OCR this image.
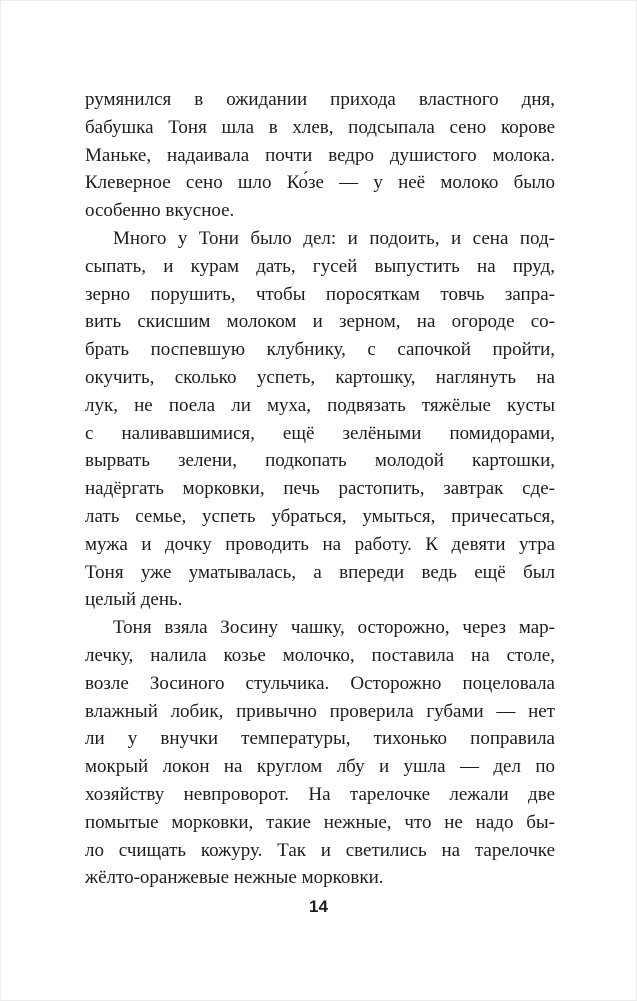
румянился в ожидании прихода властного дня,
бабушка Тоня шла в хлев, подсыпала сено корове
Маньке, надаивала почти ведро душистого молока.
Клеверное сено шло Ко́зе — у неё молоко было
особенно вкусное.

Много у Тони было дел: и подоить, и сена под-
сыпать, и курам дать, гусей выпустить на пруд,
зерно порушить, чтобы поросяткам товчь запра-
вить скисшим молоком и зерном, на огороде со-
брать поспевшую клубнику, с сапочкой пройти,
окучить, сколько успеть, картошку, наглянуть на
лук, не поела ли муха, подвязать тяжёлые кусты
с наливавшимися, ещё зелёными помидорами,
вырвать зелени, подкопать молодой картошки,
надёргать морковки, печь растопить, завтрак сде-
лать семье, успеть убраться, умыться, причесаться,
мужа и дочку проводить на работу. К девяти утра
Тоня уже уматывалась, а впереди ведь ещё был
целый день.

Тоня взяла Зосину чашку, осторожно, через мар-
лечку, налила козье молочко, поставила на столе,
возле Зосиного стульчика. Осторожно поцеловала
влажный лобик, привычно проверила губами — нет
ли у внучки температуры, тихонько поправила
мокрый локон на круглом лбу и ушла — дел по
хозяйству невпроворот. На тарелочке лежали две
помытые морковки, такие нежные, что не надо бы-
ло счищать кожуру. Так и светились на тарелочке
жёлто-оранжевые нежные морковки.

14
